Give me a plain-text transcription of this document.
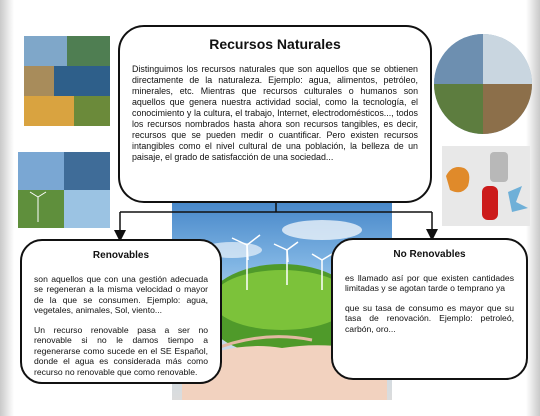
Recursos Naturales

Distinguimos los recursos naturales que son aquellos que se obtienen directamente de la naturaleza. Ejemplo: agua, alimentos, petróleo, minerales, etc. Mientras que recursos culturales o humanos son aquellos que genera nuestra actividad social, como la tecnología, el conocimiento y la cultura, el trabajo, Internet, electrodomésticos..., todos los recursos nombrados hasta ahora son recursos tangibles, es decir, recursos que se pueden medir o cuantificar. Pero existen recursos intangibles como el nivel cultural de una población, la belleza de un paisaje, el grado de satisfacción de una sociedad...

Renovables

son aquellos que con una gestión adecuada se regeneran a la misma velocidad o mayor de la que se consumen. Ejemplo: agua, vegetales, animales, Sol, viento...

Un recurso renovable pasa a ser no renovable si no le damos tiempo a regenerarse como sucede en el SE Español, donde el agua es considerada más como recurso no renovable que como renovable.

No Renovables

es llamado así por que existen cantidades limitadas y se agotan tarde o temprano ya

que su tasa de consumo es mayor que su tasa de renovación. Ejemplo: petroleó, carbón, oro...
